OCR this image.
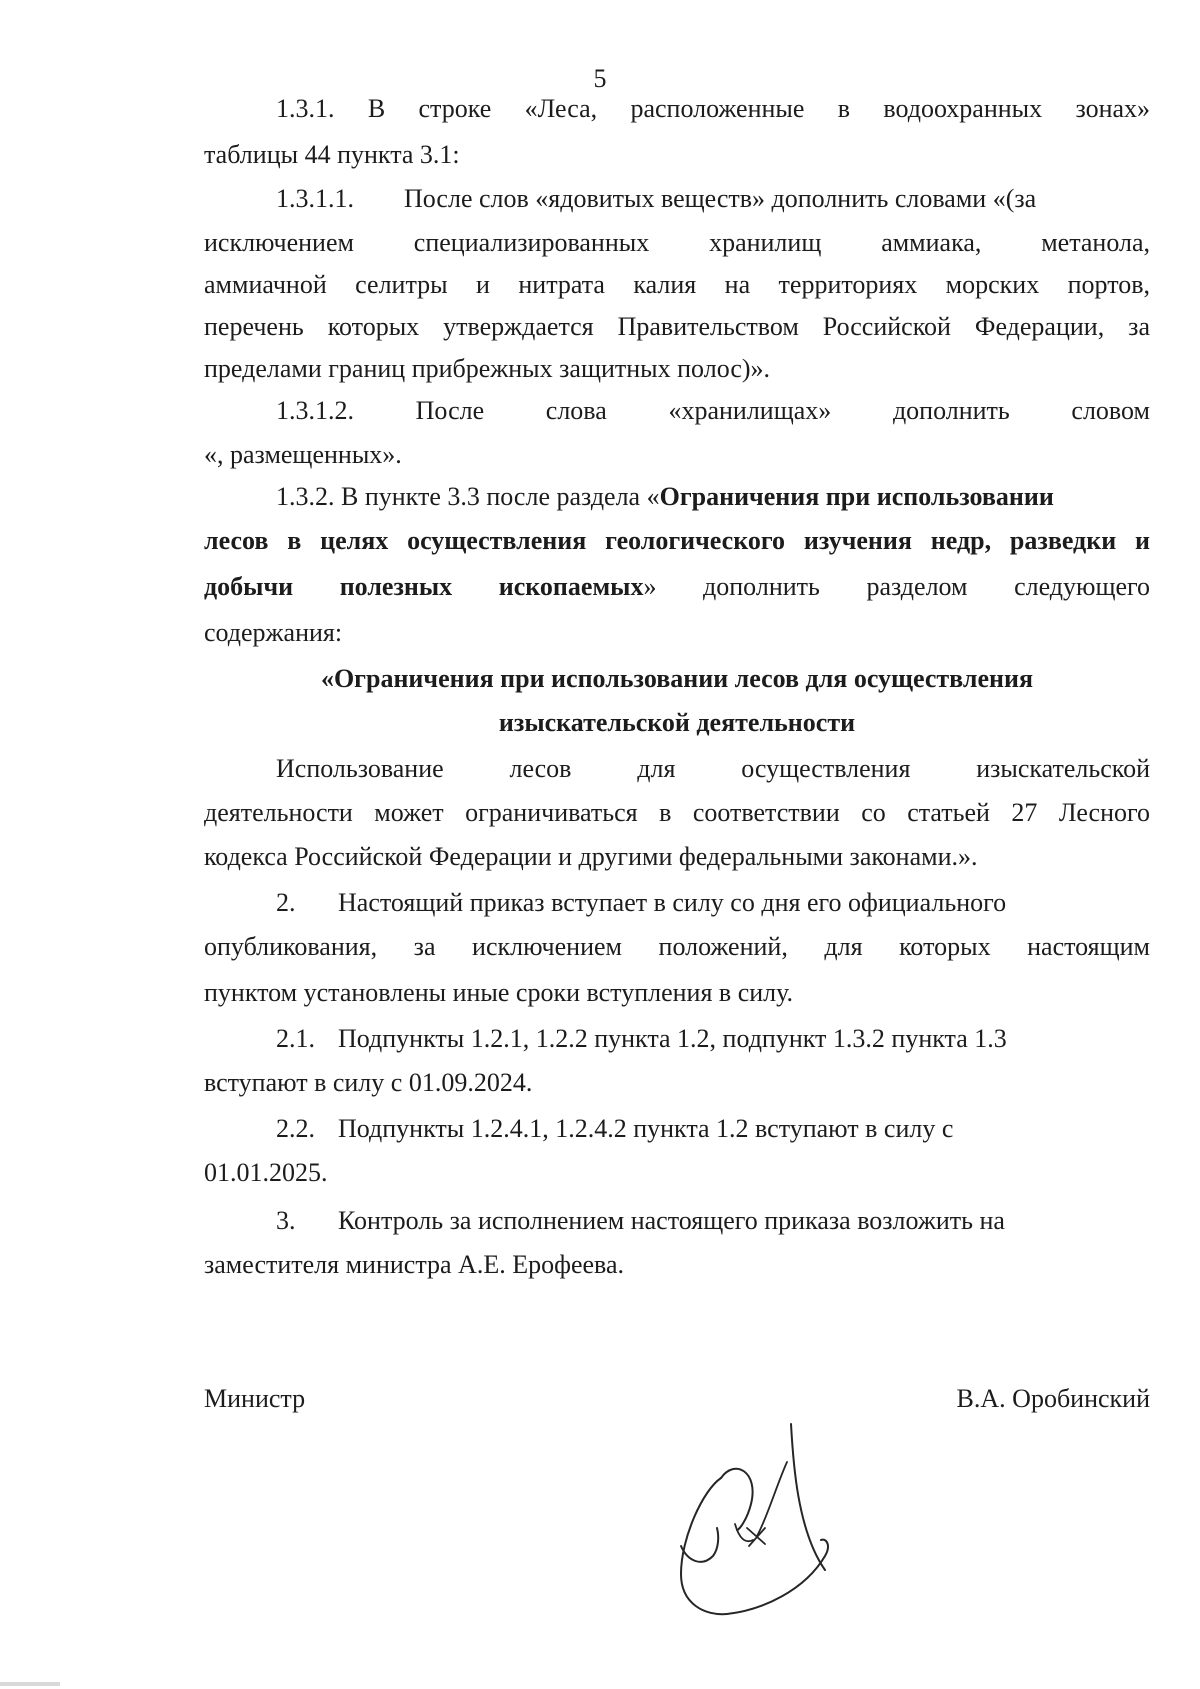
5
1.3.1. В строке «Леса, расположенные в водоохранных зонах»
таблицы 44 пункта 3.1:
1.3.1.1. После слов «ядовитых веществ» дополнить словами «(за
исключением специализированных хранилищ аммиака, метанола,
аммиачной селитры и нитрата калия на территориях морских портов,
перечень которых утверждается Правительством Российской Федерации, за
пределами границ прибрежных защитных полос)».
1.3.1.2. После слова «хранилищах» дополнить словом
«, размещенных».
1.3.2. В пункте 3.3 после раздела «Ограничения при использовании
лесов в целях осуществления геологического изучения недр, разведки и
добычи полезных ископаемых» дополнить разделом следующего
содержания:
«Ограничения при использовании лесов для осуществления
изыскательской деятельности
Использование	лесов	для	осуществления	изыскательской
деятельности может ограничиваться в соответствии со статьей 27 Лесного
кодекса Российской Федерации и другими федеральными законами.».
2. Настоящий приказ вступает в силу со дня его официального
опубликования, за исключением положений, для которых настоящим
пунктом установлены иные сроки вступления в силу.
2.1. Подпункты 1.2.1, 1.2.2 пункта 1.2, подпункт 1.3.2 пункта 1.3
вступают в силу с 01.09.2024.
2.2. Подпункты 1.2.4.1, 1.2.4.2 пункта 1.2 вступают в силу с
01.01.2025.
3. Контроль за исполнением настоящего приказа возложить на
заместителя министра А.Е. Ерофеева.
Министр	В.А. Оробинский
